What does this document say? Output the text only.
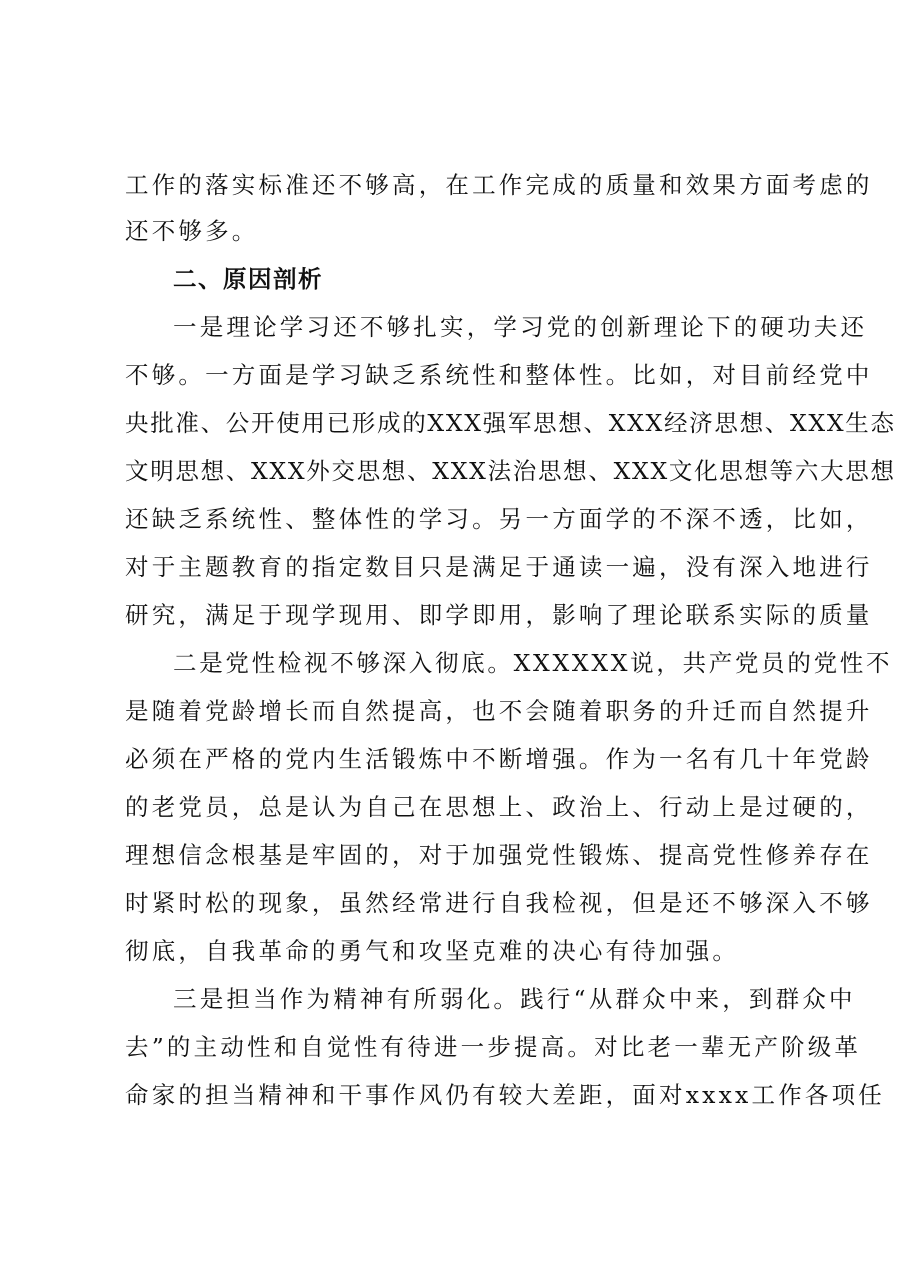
工作的落实标准还不够高，在工作完成的质量和效果方面考虑的
还不够多。
二、原因剖析
一是理论学习还不够扎实，学习党的创新理论下的硬功夫还
不够。一方面是学习缺乏系统性和整体性。比如，对目前经党中
央批准、公开使用已形成的XXX强军思想、XXX经济思想、XXX生态
文明思想、XXX外交思想、XXX法治思想、XXX文化思想等六大思想
还缺乏系统性、整体性的学习。另一方面学的不深不透，比如，
对于主题教育的指定数目只是满足于通读一遍，没有深入地进行
研究，满足于现学现用、即学即用，影响了理论联系实际的质量
二是党性检视不够深入彻底。XXXXXX说，共产党员的党性不
是随着党龄增长而自然提高，也不会随着职务的升迁而自然提升
必须在严格的党内生活锻炼中不断增强。作为一名有几十年党龄
的老党员，总是认为自己在思想上、政治上、行动上是过硬的，
理想信念根基是牢固的，对于加强党性锻炼、提高党性修养存在
时紧时松的现象，虽然经常进行自我检视，但是还不够深入不够
彻底，自我革命的勇气和攻坚克难的决心有待加强。
三是担当作为精神有所弱化。践行“从群众中来，到群众中
去”的主动性和自觉性有待进一步提高。对比老一辈无产阶级革
命家的担当精神和干事作风仍有较大差距，面对xxxx工作各项任
